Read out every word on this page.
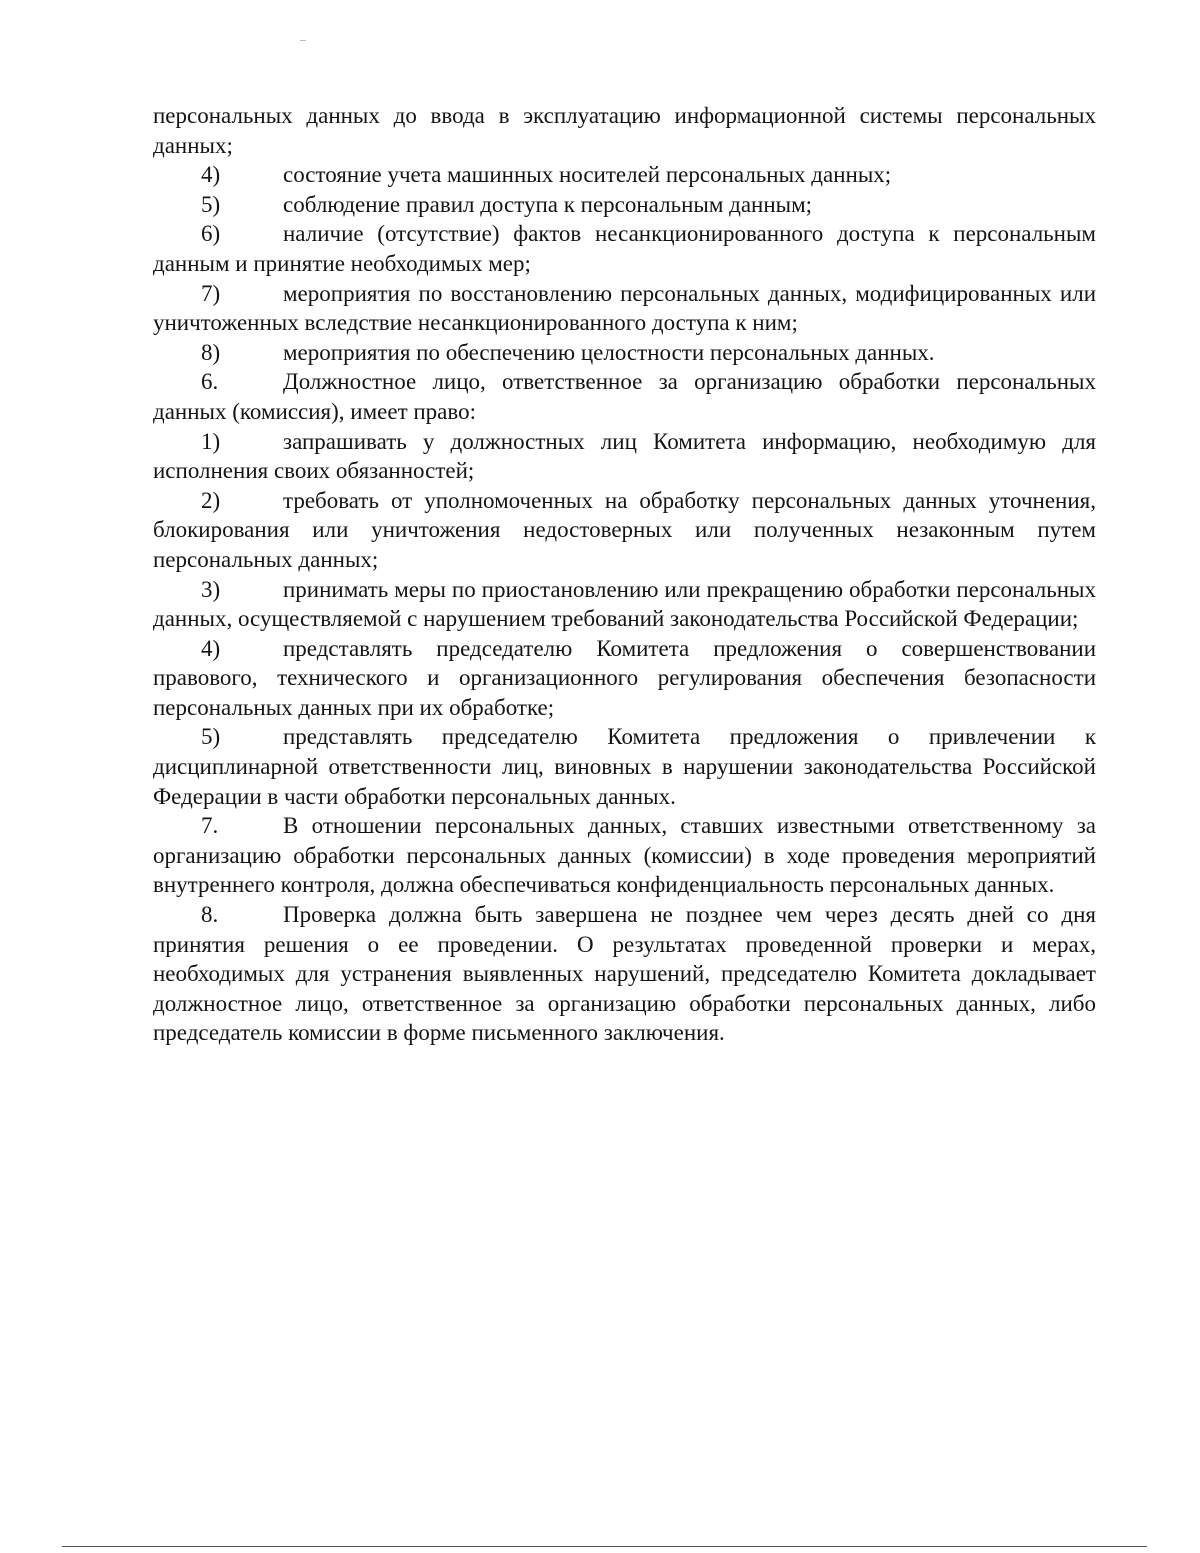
персональных данных до ввода в эксплуатацию информационной системы персональных данных;

4)	состояние учета машинных носителей персональных данных;

5)	соблюдение правил доступа к персональным данным;

6)	наличие (отсутствие) фактов несанкционированного доступа к персональным данным и принятие необходимых мер;

7)	мероприятия по восстановлению персональных данных, модифицированных или уничтоженных вследствие несанкционированного доступа к ним;

8)	мероприятия по обеспечению целостности персональных данных.

6.	Должностное лицо, ответственное за организацию обработки персональных данных (комиссия), имеет право:

1)	запрашивать у должностных лиц Комитета информацию, необходимую для исполнения своих обязанностей;

2)	требовать от уполномоченных на обработку персональных данных уточнения, блокирования или уничтожения недостоверных или полученных незаконным путем персональных данных;

3)	принимать меры по приостановлению или прекращению обработки персональных данных, осуществляемой с нарушением требований законодательства Российской Федерации;

4)	представлять председателю Комитета предложения о совершенствовании правового, технического и организационного регулирования обеспечения безопасности персональных данных при их обработке;

5)	представлять председателю Комитета предложения о привлечении к дисциплинарной ответственности лиц, виновных в нарушении законодательства Российской Федерации в части обработки персональных данных.

7.	В отношении персональных данных, ставших известными ответственному за организацию обработки персональных данных (комиссии) в ходе проведения мероприятий внутреннего контроля, должна обеспечиваться конфиденциальность персональных данных.

8.	Проверка должна быть завершена не позднее чем через десять дней со дня принятия решения о ее проведении. О результатах проведенной проверки и мерах, необходимых для устранения выявленных нарушений, председателю Комитета докладывает должностное лицо, ответственное за организацию обработки персональных данных, либо председатель комиссии в форме письменного заключения.
